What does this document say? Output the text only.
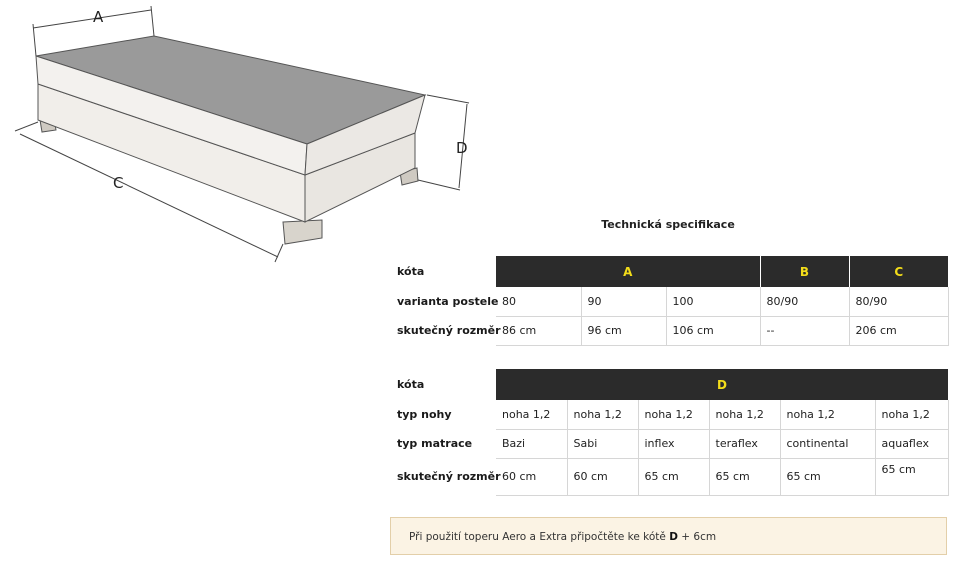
A
C
D
Technická specifikace
kóta	A			B	C
varianta postele	80	90	100	80/90	80/90
skutečný rozměr	86 cm	96 cm	106 cm	--	206 cm
kóta	D					
typ nohy	noha 1,2	noha 1,2	noha 1,2	noha 1,2	noha 1,2	noha 1,2
typ matrace	Bazi	Sabi	inflex	teraflex	continental	aquaflex
skutečný rozměr	60 cm	60 cm	65 cm	65 cm	65 cm	65 cm
Při použití toperu Aero a Extra připočtěte ke kótě D + 6cm
